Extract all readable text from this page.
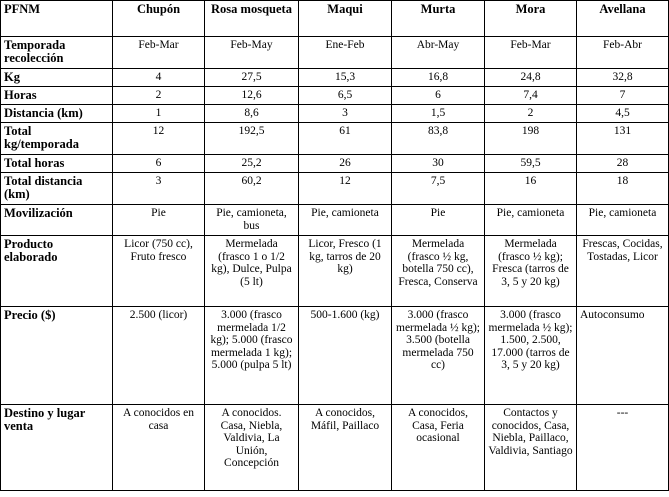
PFNM	Chupón	Rosa mosqueta	Maqui	Murta	Mora	Avellana
Temporada recolección	Feb-Mar	Feb-May	Ene-Feb	Abr-May	Feb-Mar	Feb-Abr
Kg	4	27,5	15,3	16,8	24,8	32,8
Horas	2	12,6	6,5	6	7,4	7
Distancia (km)	1	8,6	3	1,5	2	4,5
Total kg/temporada	12	192,5	61	83,8	198	131
Total horas	6	25,2	26	30	59,5	28
Total distancia (km)	3	60,2	12	7,5	16	18
Movilización	Pie	Pie, camioneta, bus	Pie, camioneta	Pie	Pie, camioneta	Pie, camioneta
Producto elaborado	Licor (750 cc), Fruto fresco	Mermelada (frasco 1 o 1/2 kg), Dulce, Pulpa (5 lt)	Licor, Fresco (1 kg, tarros de 20 kg)	Mermelada (frasco ½ kg, botella 750 cc), Fresca, Conserva	Mermelada (frasco ½ kg); Fresca (tarros de 3, 5 y 20 kg)	Frescas, Cocidas, Tostadas, Licor
Precio ($)	2.500 (licor)	3.000 (frasco mermelada 1/2 kg); 5.000 (frasco mermelada 1 kg); 5.000 (pulpa 5 lt)	500-1.600 (kg)	3.000 (frasco mermelada ½ kg); 3.500 (botella mermelada 750 cc)	3.000 (frasco mermelada ½ kg); 1.500, 2.500, 17.000 (tarros de 3, 5 y 20 kg)	Autoconsumo
Destino y lugar venta	A conocidos en casa	A conocidos. Casa, Niebla, Valdivia, La Unión, Concepción	A conocidos, Máfil, Paillaco	A conocidos, Casa, Feria ocasional	Contactos y conocidos, Casa, Niebla, Paillaco, Valdivia, Santiago	---
